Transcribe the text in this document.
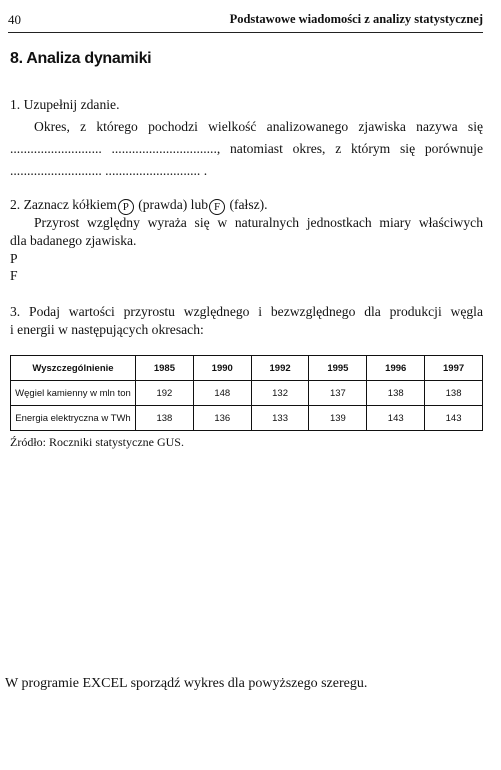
40	Podstawowe wiadomości z analizy statystycznej
8. Analiza dynamiki

1. Uzupełnij zdanie.

Okres, z którego pochodzi wielkość analizowanego zjawiska nazywa się

........................... ..............................., natomiast okres, z którym się porównuje

........................... ............................ .

2. Zaznacz kółkiem P (prawda) lub F (fałsz).

Przyrost względny wyraża się w naturalnych jednostkach miary właściwych

dla badanego zjawiska.

P

F

3. Podaj wartości przyrostu względnego i bezwzględnego dla produkcji węgla

i energii w następujących okresach:

Wyszczególnienie	1985	1990	1992	1995	1996	1997
Węgiel kamienny w mln ton	192	148	132	137	138	138
Energia elektryczna w TWh	138	136	133	139	143	143
Źródło: Roczniki statystyczne GUS.
W programie EXCEL sporządź wykres dla powyższego szeregu.
